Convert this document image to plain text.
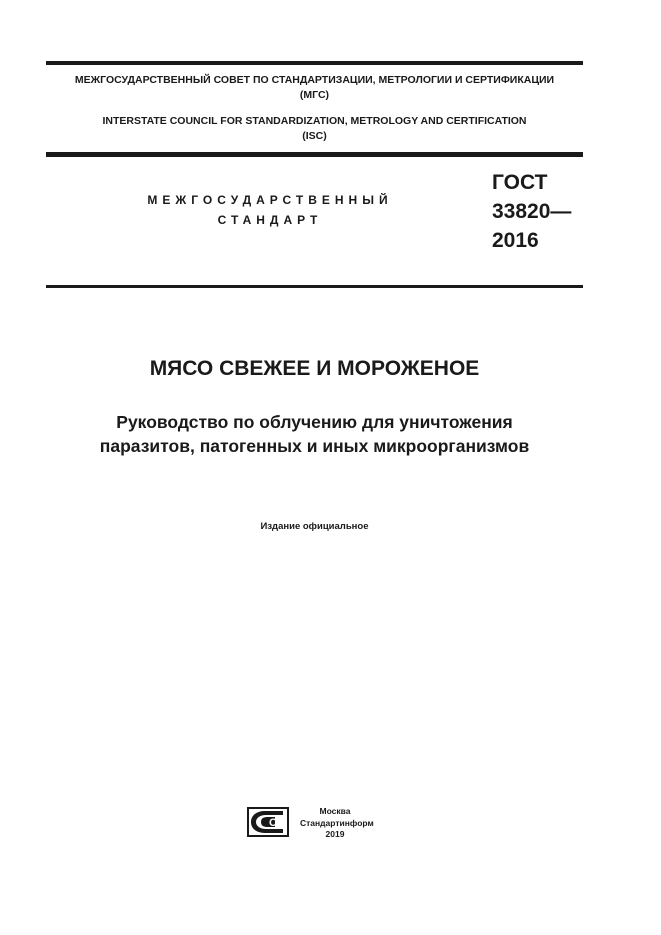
МЕЖГОСУДАРСТВЕННЫЙ СОВЕТ ПО СТАНДАРТИЗАЦИИ, МЕТРОЛОГИИ И СЕРТИФИКАЦИИ
(МГС)
INTERSTATE COUNCIL FOR STANDARDIZATION, METROLOGY AND CERTIFICATION
(ISC)
МЕЖГОСУДАРСТВЕННЫЙ
СТАНДАРТ
ГОСТ
33820—
2016
МЯСО СВЕЖЕЕ И МОРОЖЕНОЕ
Руководство по облучению для уничтожения
паразитов, патогенных и иных микроорганизмов
Издание официальное
СИ
Москва
Стандартинформ
2019
